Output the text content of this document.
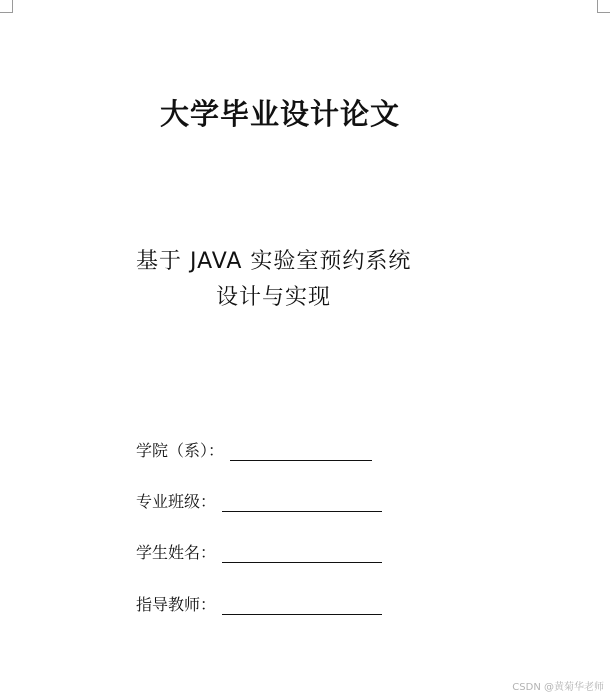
大学毕业设计论文
基于 JAVA 实验室预约系统
设计与实现
学院（系）：
专业班级：
学生姓名：
指导教师：
CSDN @黄菊华老师
